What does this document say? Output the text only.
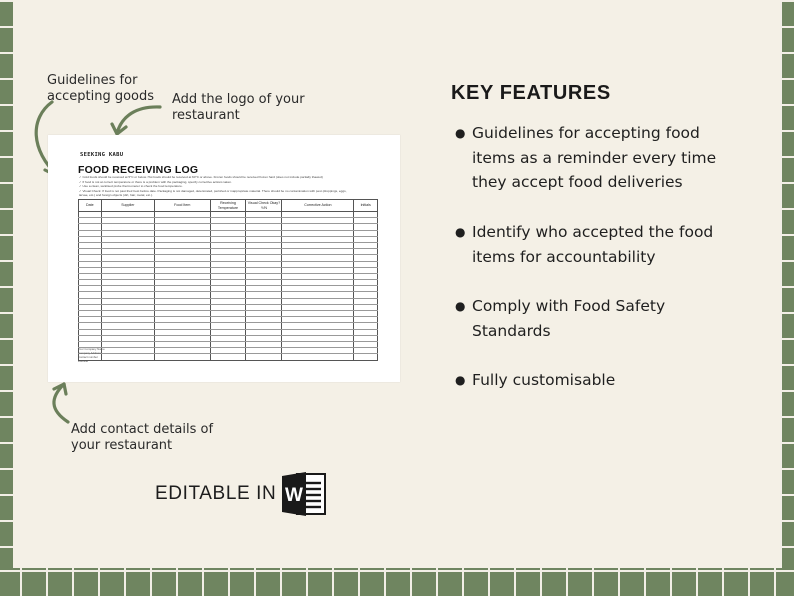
Guidelines for accepting goods	Add the logo of your restaurant
Add contact details of your restaurant
SEEKING KABU
FOOD RECEIVING LOG
✓ Cold foods should be received at 5°C or below. Hot foods should be received at 60°C or above. Frozen foods should be received frozen hard (does not include partially thawed)
✓ If food is not at correct temperature or there is a problem with the packaging, specify corrective actions taken.
✓ Use a clean, sanitised probe thermometer to check the food temperature.
✓ Visual Check: If food is not past their best before date. Packaging is not damaged, deteriorated, perished or inappropriate material. There should be no contamination with pest (droppings, eggs,
larvae, etc.) and foreign objects (dirt, hair, metal, etc.).
Date	Supplier	Food Item	Receiving Temperature	Visual Check Okay? Y/N	Corrective Action	Initials

Your Company Name
Company Address
Contact number
Website
EDITABLE IN W
KEY FEATURES
● Guidelines for accepting food items as a reminder every time they accept food deliveries
● Identify who accepted the food items for accountability
● Comply with Food Safety Standards
● Fully customisable
